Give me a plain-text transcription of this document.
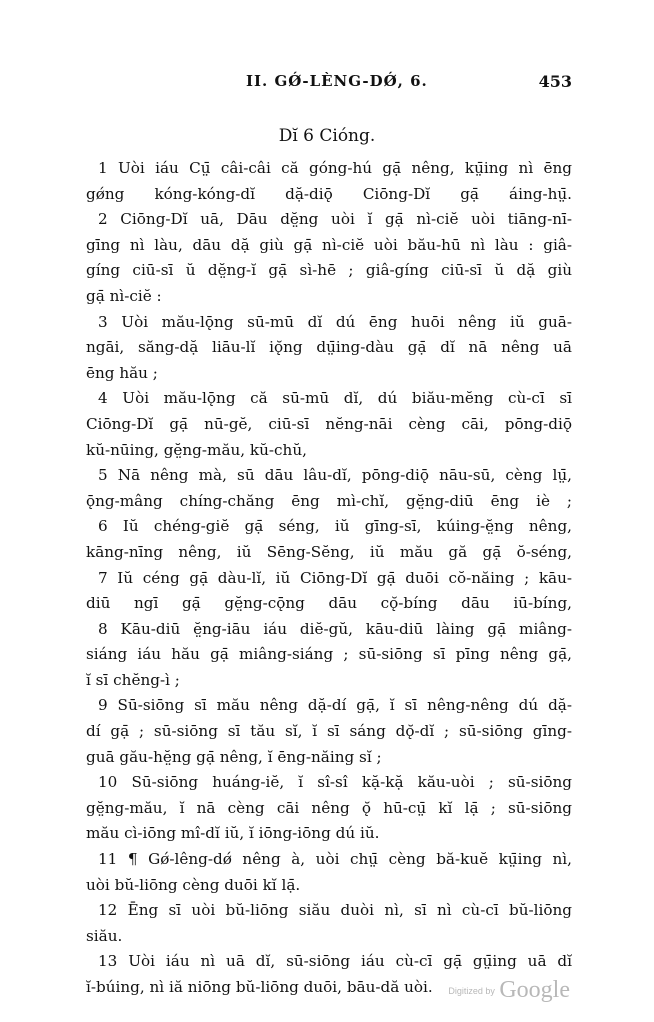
II. GǾ-LÈNG-DǾ, 6.	453
Dĭ 6 Cióng.
1 Uòi iáu Cṳ̄ câi-câi că góng-hú gạ̄ nêng, kṳ̄ing nì ēng
gǿng kóng-kóng-dĭ dặ-diǭ Ciōng-Dĭ gạ̄ áing-hṳ̄.
2 Ciōng-Dĭ uā, Dāu dĕ̤ng uòi ĭ gạ̄ nì-ciĕ uòi tiāng-nī-
gīng nì làu, dāu dặ giù gạ̄ nì-ciĕ uòi bău-hū nì làu : giâ-
gíng ciū-sī ŭ dĕ̤ng-ĭ gạ̄ sì-hē ; giâ-gíng ciū-sī ŭ dặ giù
gạ̄ nì-ciĕ :
3 Uòi mău-lǭng sū-mū dĭ dú ēng huōi nêng iŭ guā-
ngāi, săng-dặ liāu-lĭ iǫ̆ng dṳ̄ing-dàu gạ̄ dĭ nā nêng uā
ēng hău ;
4 Uòi mău-lǭng că sū-mū dĭ, dú biău-mĕng cù-cī sī
Ciōng-Dĭ gạ̄ nū-gĕ, ciū-sī nĕng-nāi cèng cāi, pōng-diǭ
kŭ-nūing, gĕ̤ng-mău, kŭ-chŭ,
5 Nā nêng mà, sū dāu lâu-dĭ, pōng-diǭ nāu-sū, cèng lṳ̄,
ǭng-mâng chíng-chăng ēng mì-chĭ, gĕ̤ng-diū ēng iè ;
6 Iŭ chéng-giĕ gạ̄ séng, iŭ gīng-sī, kúing-ĕ̤ng nêng,
kāng-nīng nêng, iŭ Sēng-Sĕng, iŭ mău gă gạ̄ ŏ-séng,
7 Iŭ céng gạ̄ dàu-lĭ, iŭ Ciōng-Dĭ gạ̄ duōi cŏ-năing ; kāu-
diū ngī gạ̄ gĕ̤ng-cǭng dāu cǫ̆-bíng dāu iū-bíng,
8 Kāu-diū ĕ̤ng-iāu iáu diĕ-gŭ, kāu-diū làing gạ̄ miâng-
siáng iáu hău gạ̄ miâng-siáng ; sū-siōng sī pīng nêng gạ̄,
ĭ sī chĕng-ì ;
9 Sū-siōng sī mău nêng dặ-dí gạ̄, ĭ sī nêng-nêng dú dặ-
dí gạ̄ ; sū-siōng sī tău sĭ, ĭ sī sáng dǫ̆-dĭ ; sū-siōng gīng-
guā gău-hĕ̤ng gạ̄ nêng, ĭ ēng-năing sĭ ;
10 Sū-siōng huáng-iĕ, ĭ sî-sî kặ-kặ kău-uòi ; sū-siōng
gĕ̤ng-mău, ĭ nā cèng cāi nêng ǫ̆ hū-cṳ̄ kĭ lạ̄ ; sū-siōng
mău cì-iōng mî-dĭ iŭ, ĭ iōng-iōng dú iŭ.
11 ¶ Gǿ-lêng-dǿ nêng à, uòi chṳ̄ cèng bă-kuĕ kṳ̄ing nì,
uòi bŭ-liōng cèng duōi kĭ lạ̄.
12 Ēng sī uòi bŭ-liōng siău duòi nì, sī nì cù-cī bŭ-liōng
siău.
13 Uòi iáu nì uā dĭ, sū-siōng iáu cù-cī gạ̄ gṳ̄ing uā dĭ
ĭ-búing, nì iă niōng bŭ-liōng duōi, bāu-dă uòi.	Digitized by Google
